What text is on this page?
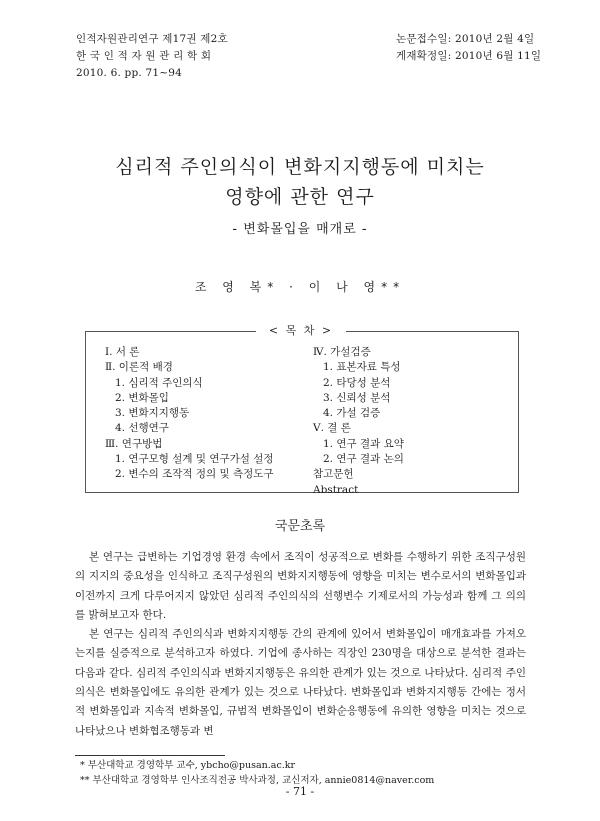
인적자원관리연구 제17권 제2호
한 국 인 적 자 원 관 리 학 회
2010. 6. pp. 71~94
논문접수일: 2010년 2월 4일
게재확정일: 2010년 6월 11일
심리적 주인의식이 변화지지행동에 미치는
영향에 관한 연구
- 변화몰입을 매개로 -
조 영 복* · 이 나 영**
< 목 차 >
Ⅰ. 서 론
Ⅱ. 이론적 배경
1. 심리적 주인의식
2. 변화몰입
3. 변화지지행동
4. 선행연구
Ⅲ. 연구방법
1. 연구모형 설계 및 연구가설 설정
2. 변수의 조작적 정의 및 측정도구
Ⅳ. 가설검증
1. 표본자료 특성
2. 타당성 분석
3. 신뢰성 분석
4. 가설 검증
Ⅴ. 결 론
1. 연구 결과 요약
2. 연구 결과 논의
참고문헌
Abstract
국문초록

본 연구는 급변하는 기업경영 환경 속에서 조직이 성공적으로 변화를 수행하기 위한 조직구성원의 지지의 중요성을 인식하고 조직구성원의 변화지지행동에 영향을 미치는 변수로서의 변화몰입과 이전까지 크게 다루어지지 않았던 심리적 주인의식의 선행변수 기제로서의 가능성과 함께 그 의의를 밝혀보고자 한다.

본 연구는 심리적 주인의식과 변화지지행동 간의 관계에 있어서 변화몰입이 매개효과를 가져오는지를 실증적으로 분석하고자 하였다. 기업에 종사하는 직장인 230명을 대상으로 분석한 결과는 다음과 같다. 심리적 주인의식과 변화지지행동은 유의한 관계가 있는 것으로 나타났다. 심리적 주인의식은 변화몰입에도 유의한 관계가 있는 것으로 나타났다. 변화몰입과 변화지지행동 간에는 정서적 변화몰입과 지속적 변화몰입, 규범적 변화몰입이 변화순응행동에 유의한 영향을 미치는 것으로 나타났으나 변화협조행동과 변

* 부산대학교 경영학부 교수, ybcho@pusan.ac.kr
** 부산대학교 경영학부 인사조직전공 박사과정, 교신저자, annie0814@naver.com
- 71 -
